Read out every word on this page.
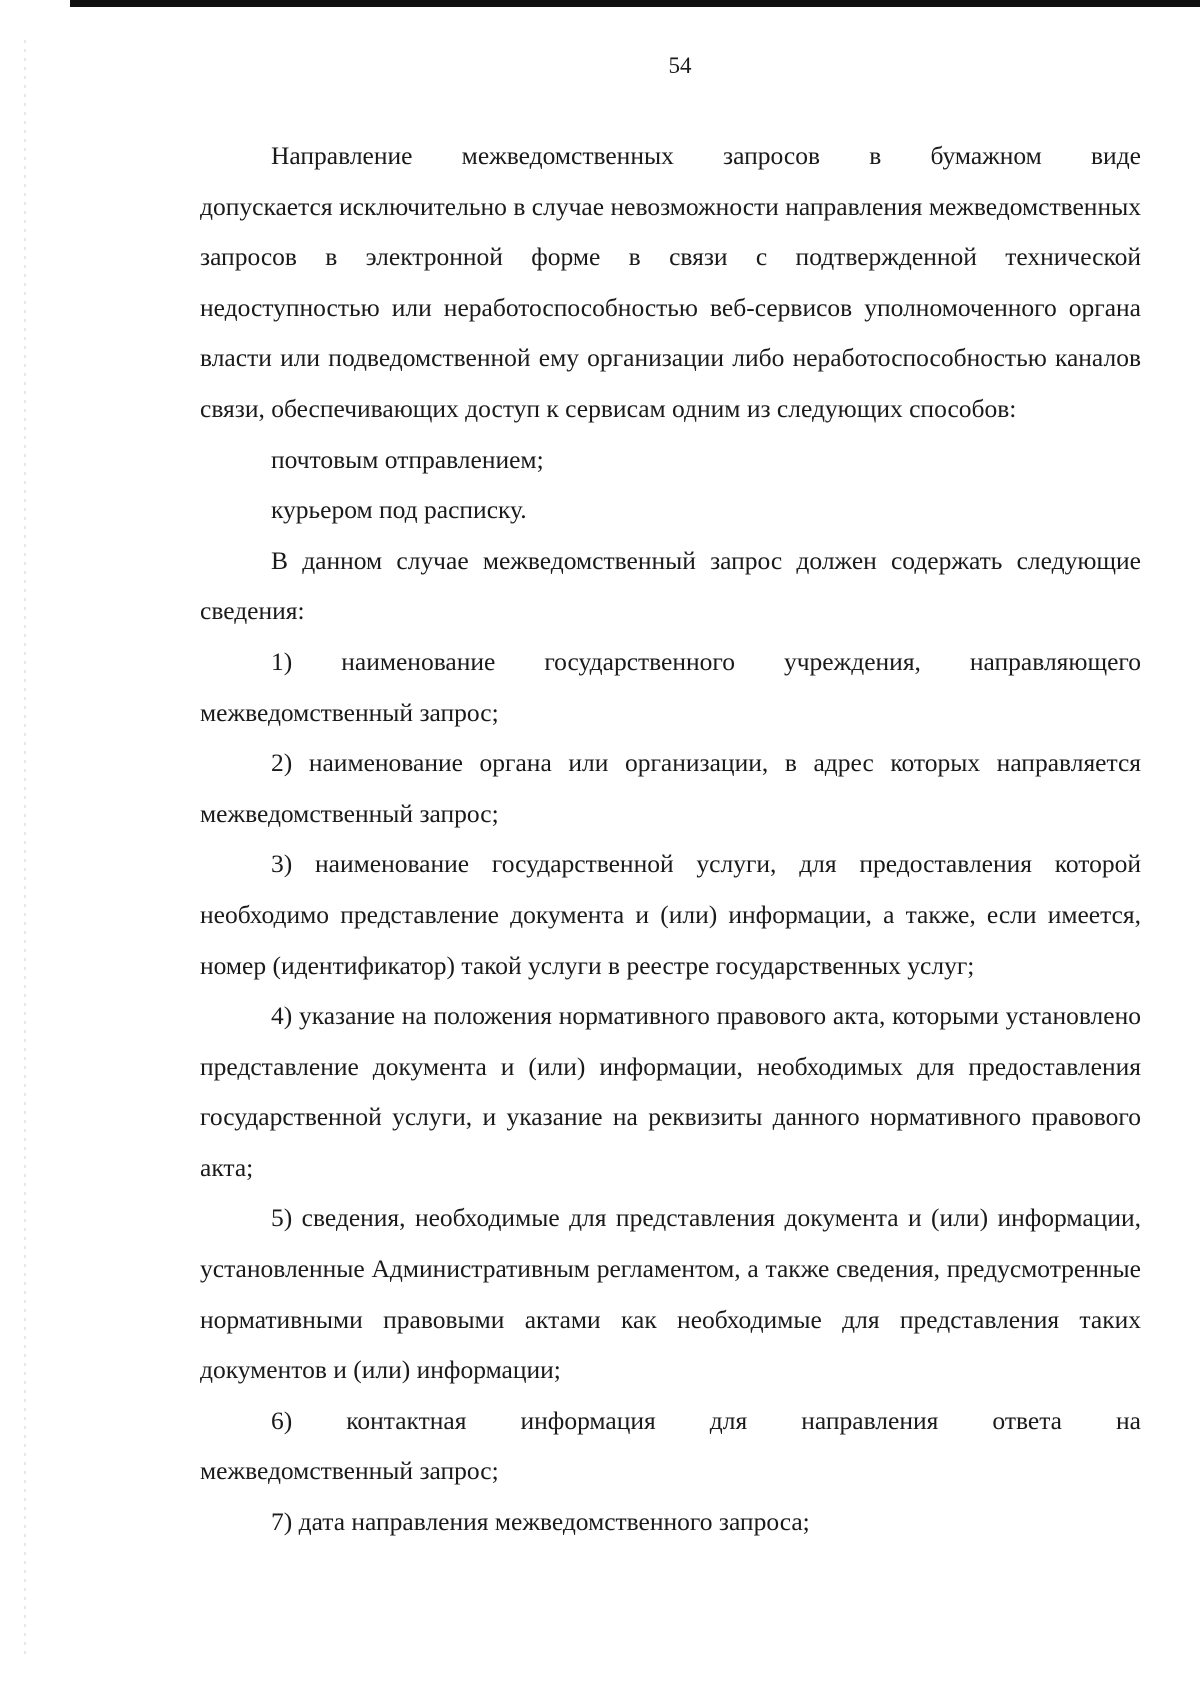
54

Направление межведомственных запросов в бумажном виде

допускается исключительно в случае невозможности направления межведомственных запросов в электронной форме в связи с подтвержденной технической недоступностью или неработоспособностью веб-сервисов уполномоченного органа власти или подведомственной ему организации либо неработоспособностью каналов связи, обеспечивающих доступ к сервисам одним из следующих способов:

почтовым отправлением;

курьером под расписку.

В данном случае межведомственный запрос должен содержать следующие сведения:

1) наименование государственного учреждения, направляющего межведомственный запрос;

2) наименование органа или организации, в адрес которых направляется межведомственный запрос;

3) наименование государственной услуги, для предоставления которой необходимо представление документа и (или) информации, а также, если имеется, номер (идентификатор) такой услуги в реестре государственных услуг;

4) указание на положения нормативного правового акта, которыми установлено представление документа и (или) информации, необходимых для предоставления государственной услуги, и указание на реквизиты данного нормативного правового акта;

5) сведения, необходимые для представления документа и (или) информации, установленные Административным регламентом, а также сведения, предусмотренные нормативными правовыми актами как необходимые для представления таких документов и (или) информации;

6) контактная информация для направления ответа на

межведомственный запрос;

7) дата направления межведомственного запроса;
